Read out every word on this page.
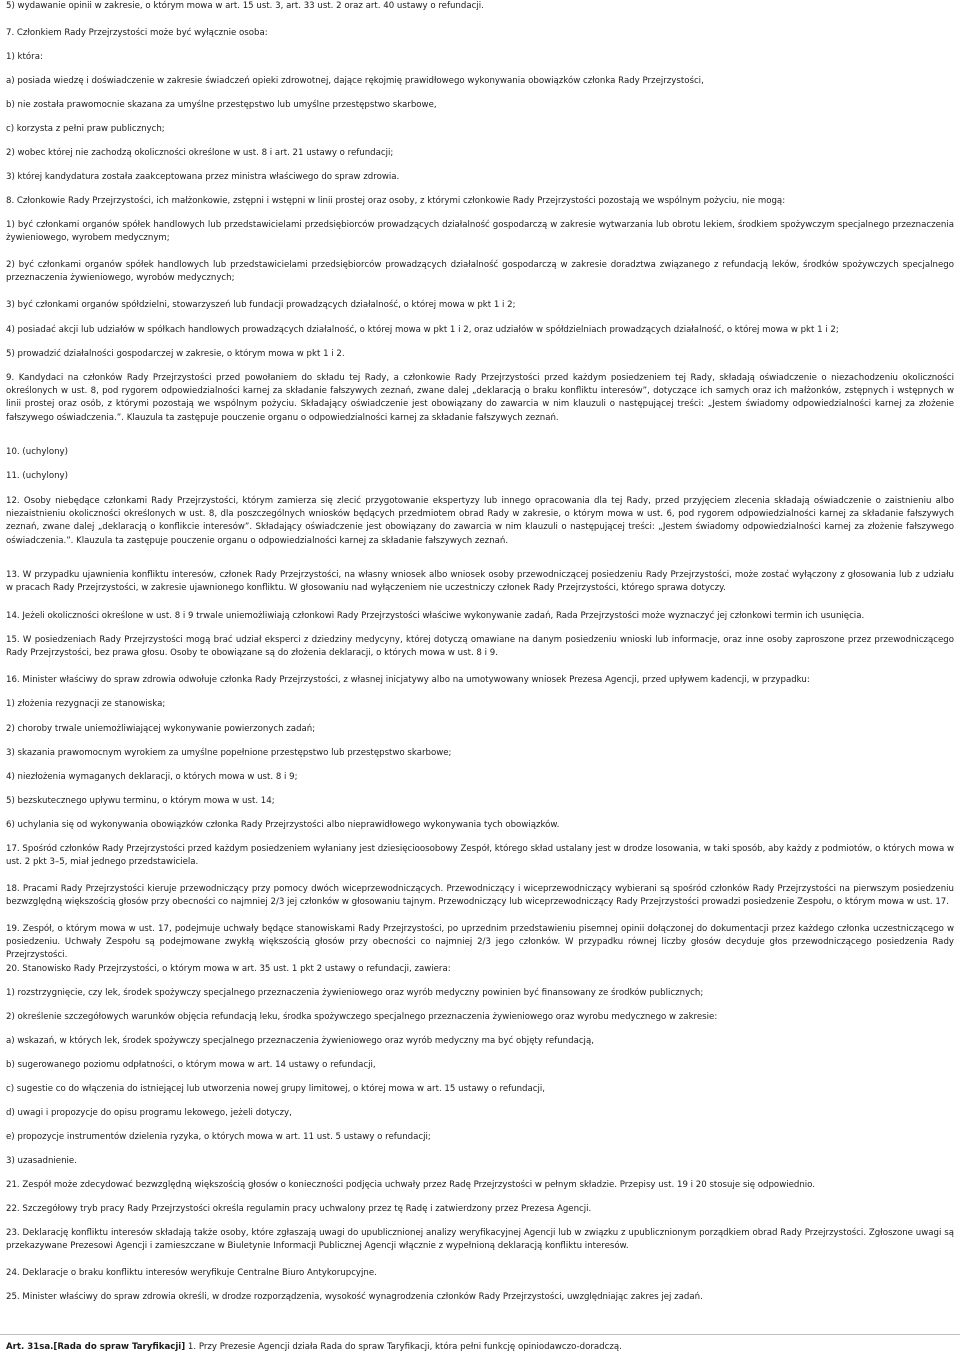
5) wydawanie opinii w zakresie, o którym mowa w art. 15 ust. 3, art. 33 ust. 2 oraz art. 40 ustawy o refundacji.

7. Członkiem Rady Przejrzystości może być wyłącznie osoba:

1) która:

a) posiada wiedzę i doświadczenie w zakresie świadczeń opieki zdrowotnej, dające rękojmię prawidłowego wykonywania obowiązków członka Rady Przejrzystości,

b) nie została prawomocnie skazana za umyślne przestępstwo lub umyślne przestępstwo skarbowe,

c) korzysta z pełni praw publicznych;

2) wobec której nie zachodzą okoliczności określone w ust. 8 i art. 21 ustawy o refundacji;

3) której kandydatura została zaakceptowana przez ministra właściwego do spraw zdrowia.

8. Członkowie Rady Przejrzystości, ich małżonkowie, zstępni i wstępni w linii prostej oraz osoby, z którymi członkowie Rady Przejrzystości pozostają we wspólnym pożyciu, nie mogą:

1) być członkami organów spółek handlowych lub przedstawicielami przedsiębiorców prowadzących działalność gospodarczą w zakresie wytwarzania lub obrotu lekiem, środkiem spożywczym specjalnego przeznaczenia żywieniowego, wyrobem medycznym;

2) być członkami organów spółek handlowych lub przedstawicielami przedsiębiorców prowadzących działalność gospodarczą w zakresie doradztwa związanego z refundacją leków, środków spożywczych specjalnego przeznaczenia żywieniowego, wyrobów medycznych;

3) być członkami organów spółdzielni, stowarzyszeń lub fundacji prowadzących działalność, o której mowa w pkt 1 i 2;

4) posiadać akcji lub udziałów w spółkach handlowych prowadzących działalność, o której mowa w pkt 1 i 2, oraz udziałów w spółdzielniach prowadzących działalność, o której mowa w pkt 1 i 2;

5) prowadzić działalności gospodarczej w zakresie, o którym mowa w pkt 1 i 2.

9. Kandydaci na członków Rady Przejrzystości przed powołaniem do składu tej Rady, a członkowie Rady Przejrzystości przed każdym posiedzeniem tej Rady, składają oświadczenie o niezachodzeniu okoliczności określonych w ust. 8, pod rygorem odpowiedzialności karnej za składanie fałszywych zeznań, zwane dalej „deklaracją o braku konfliktu interesów”, dotyczące ich samych oraz ich małżonków, zstępnych i wstępnych w linii prostej oraz osób, z którymi pozostają we wspólnym pożyciu. Składający oświadczenie jest obowiązany do zawarcia w nim klauzuli o następującej treści: „Jestem świadomy odpowiedzialności karnej za złożenie fałszywego oświadczenia.”. Klauzula ta zastępuje pouczenie organu o odpowiedzialności karnej za składanie fałszywych zeznań.

10. (uchylony)

11. (uchylony)

12. Osoby niebędące członkami Rady Przejrzystości, którym zamierza się zlecić przygotowanie ekspertyzy lub innego opracowania dla tej Rady, przed przyjęciem zlecenia składają oświadczenie o zaistnieniu albo niezaistnieniu okoliczności określonych w ust. 8, dla poszczególnych wniosków będących przedmiotem obrad Rady w zakresie, o którym mowa w ust. 6, pod rygorem odpowiedzialności karnej za składanie fałszywych zeznań, zwane dalej „deklaracją o konflikcie interesów”. Składający oświadczenie jest obowiązany do zawarcia w nim klauzuli o następującej treści: „Jestem świadomy odpowiedzialności karnej za złożenie fałszywego oświadczenia.”. Klauzula ta zastępuje pouczenie organu o odpowiedzialności karnej za składanie fałszywych zeznań.

13. W przypadku ujawnienia konfliktu interesów, członek Rady Przejrzystości, na własny wniosek albo wniosek osoby przewodniczącej posiedzeniu Rady Przejrzystości, może zostać wyłączony z głosowania lub z udziału w pracach Rady Przejrzystości, w zakresie ujawnionego konfliktu. W głosowaniu nad wyłączeniem nie uczestniczy członek Rady Przejrzystości, którego sprawa dotyczy.

14. Jeżeli okoliczności określone w ust. 8 i 9 trwale uniemożliwiają członkowi Rady Przejrzystości właściwe wykonywanie zadań, Rada Przejrzystości może wyznaczyć jej członkowi termin ich usunięcia.

15. W posiedzeniach Rady Przejrzystości mogą brać udział eksperci z dziedziny medycyny, której dotyczą omawiane na danym posiedzeniu wnioski lub informacje, oraz inne osoby zaproszone przez przewodniczącego Rady Przejrzystości, bez prawa głosu. Osoby te obowiązane są do złożenia deklaracji, o których mowa w ust. 8 i 9.

16. Minister właściwy do spraw zdrowia odwołuje członka Rady Przejrzystości, z własnej inicjatywy albo na umotywowany wniosek Prezesa Agencji, przed upływem kadencji, w przypadku:

1) złożenia rezygnacji ze stanowiska;

2) choroby trwale uniemożliwiającej wykonywanie powierzonych zadań;

3) skazania prawomocnym wyrokiem za umyślne popełnione przestępstwo lub przestępstwo skarbowe;

4) niezłożenia wymaganych deklaracji, o których mowa w ust. 8 i 9;

5) bezskutecznego upływu terminu, o którym mowa w ust. 14;

6) uchylania się od wykonywania obowiązków członka Rady Przejrzystości albo nieprawidłowego wykonywania tych obowiązków.

17. Spośród członków Rady Przejrzystości przed każdym posiedzeniem wyłaniany jest dziesięcioosobowy Zespół, którego skład ustalany jest w drodze losowania, w taki sposób, aby każdy z podmiotów, o których mowa w ust. 2 pkt 3–5, miał jednego przedstawiciela.

18. Pracami Rady Przejrzystości kieruje przewodniczący przy pomocy dwóch wiceprzewodniczących. Przewodniczący i wiceprzewodniczący wybierani są spośród członków Rady Przejrzystości na pierwszym posiedzeniu bezwzględną większością głosów przy obecności co najmniej 2/3 jej członków w głosowaniu tajnym. Przewodniczący lub wiceprzewodniczący Rady Przejrzystości prowadzi posiedzenie Zespołu, o którym mowa w ust. 17.

19. Zespół, o którym mowa w ust. 17, podejmuje uchwały będące stanowiskami Rady Przejrzystości, po uprzednim przedstawieniu pisemnej opinii dołączonej do dokumentacji przez każdego członka uczestniczącego w posiedzeniu. Uchwały Zespołu są podejmowane zwykłą większością głosów przy obecności co najmniej 2/3 jego członków. W przypadku równej liczby głosów decyduje głos przewodniczącego posiedzenia Rady Przejrzystości.

20. Stanowisko Rady Przejrzystości, o którym mowa w art. 35 ust. 1 pkt 2 ustawy o refundacji, zawiera:

1) rozstrzygnięcie, czy lek, środek spożywczy specjalnego przeznaczenia żywieniowego oraz wyrób medyczny powinien być finansowany ze środków publicznych;

2) określenie szczegółowych warunków objęcia refundacją leku, środka spożywczego specjalnego przeznaczenia żywieniowego oraz wyrobu medycznego w zakresie:

a) wskazań, w których lek, środek spożywczy specjalnego przeznaczenia żywieniowego oraz wyrób medyczny ma być objęty refundacją,

b) sugerowanego poziomu odpłatności, o którym mowa w art. 14 ustawy o refundacji,

c) sugestie co do włączenia do istniejącej lub utworzenia nowej grupy limitowej, o której mowa w art. 15 ustawy o refundacji,

d) uwagi i propozycje do opisu programu lekowego, jeżeli dotyczy,

e) propozycje instrumentów dzielenia ryzyka, o których mowa w art. 11 ust. 5 ustawy o refundacji;

3) uzasadnienie.

21. Zespół może zdecydować bezwzględną większością głosów o konieczności podjęcia uchwały przez Radę Przejrzystości w pełnym składzie. Przepisy ust. 19 i 20 stosuje się odpowiednio.

22. Szczegółowy tryb pracy Rady Przejrzystości określa regulamin pracy uchwalony przez tę Radę i zatwierdzony przez Prezesa Agencji.

23. Deklarację konfliktu interesów składają także osoby, które zgłaszają uwagi do upublicznionej analizy weryfikacyjnej Agencji lub w związku z upublicznionym porządkiem obrad Rady Przejrzystości. Zgłoszone uwagi są przekazywane Prezesowi Agencji i zamieszczane w Biuletynie Informacji Publicznej Agencji włącznie z wypełnioną deklaracją konfliktu interesów.

24. Deklaracje o braku konfliktu interesów weryfikuje Centralne Biuro Antykorupcyjne.

25. Minister właściwy do spraw zdrowia określi, w drodze rozporządzenia, wysokość wynagrodzenia członków Rady Przejrzystości, uwzględniając zakres jej zadań.

Art. 31sa.[Rada do spraw Taryfikacji] 1. Przy Prezesie Agencji działa Rada do spraw Taryfikacji, która pełni funkcję opiniodawczo-doradczą.
